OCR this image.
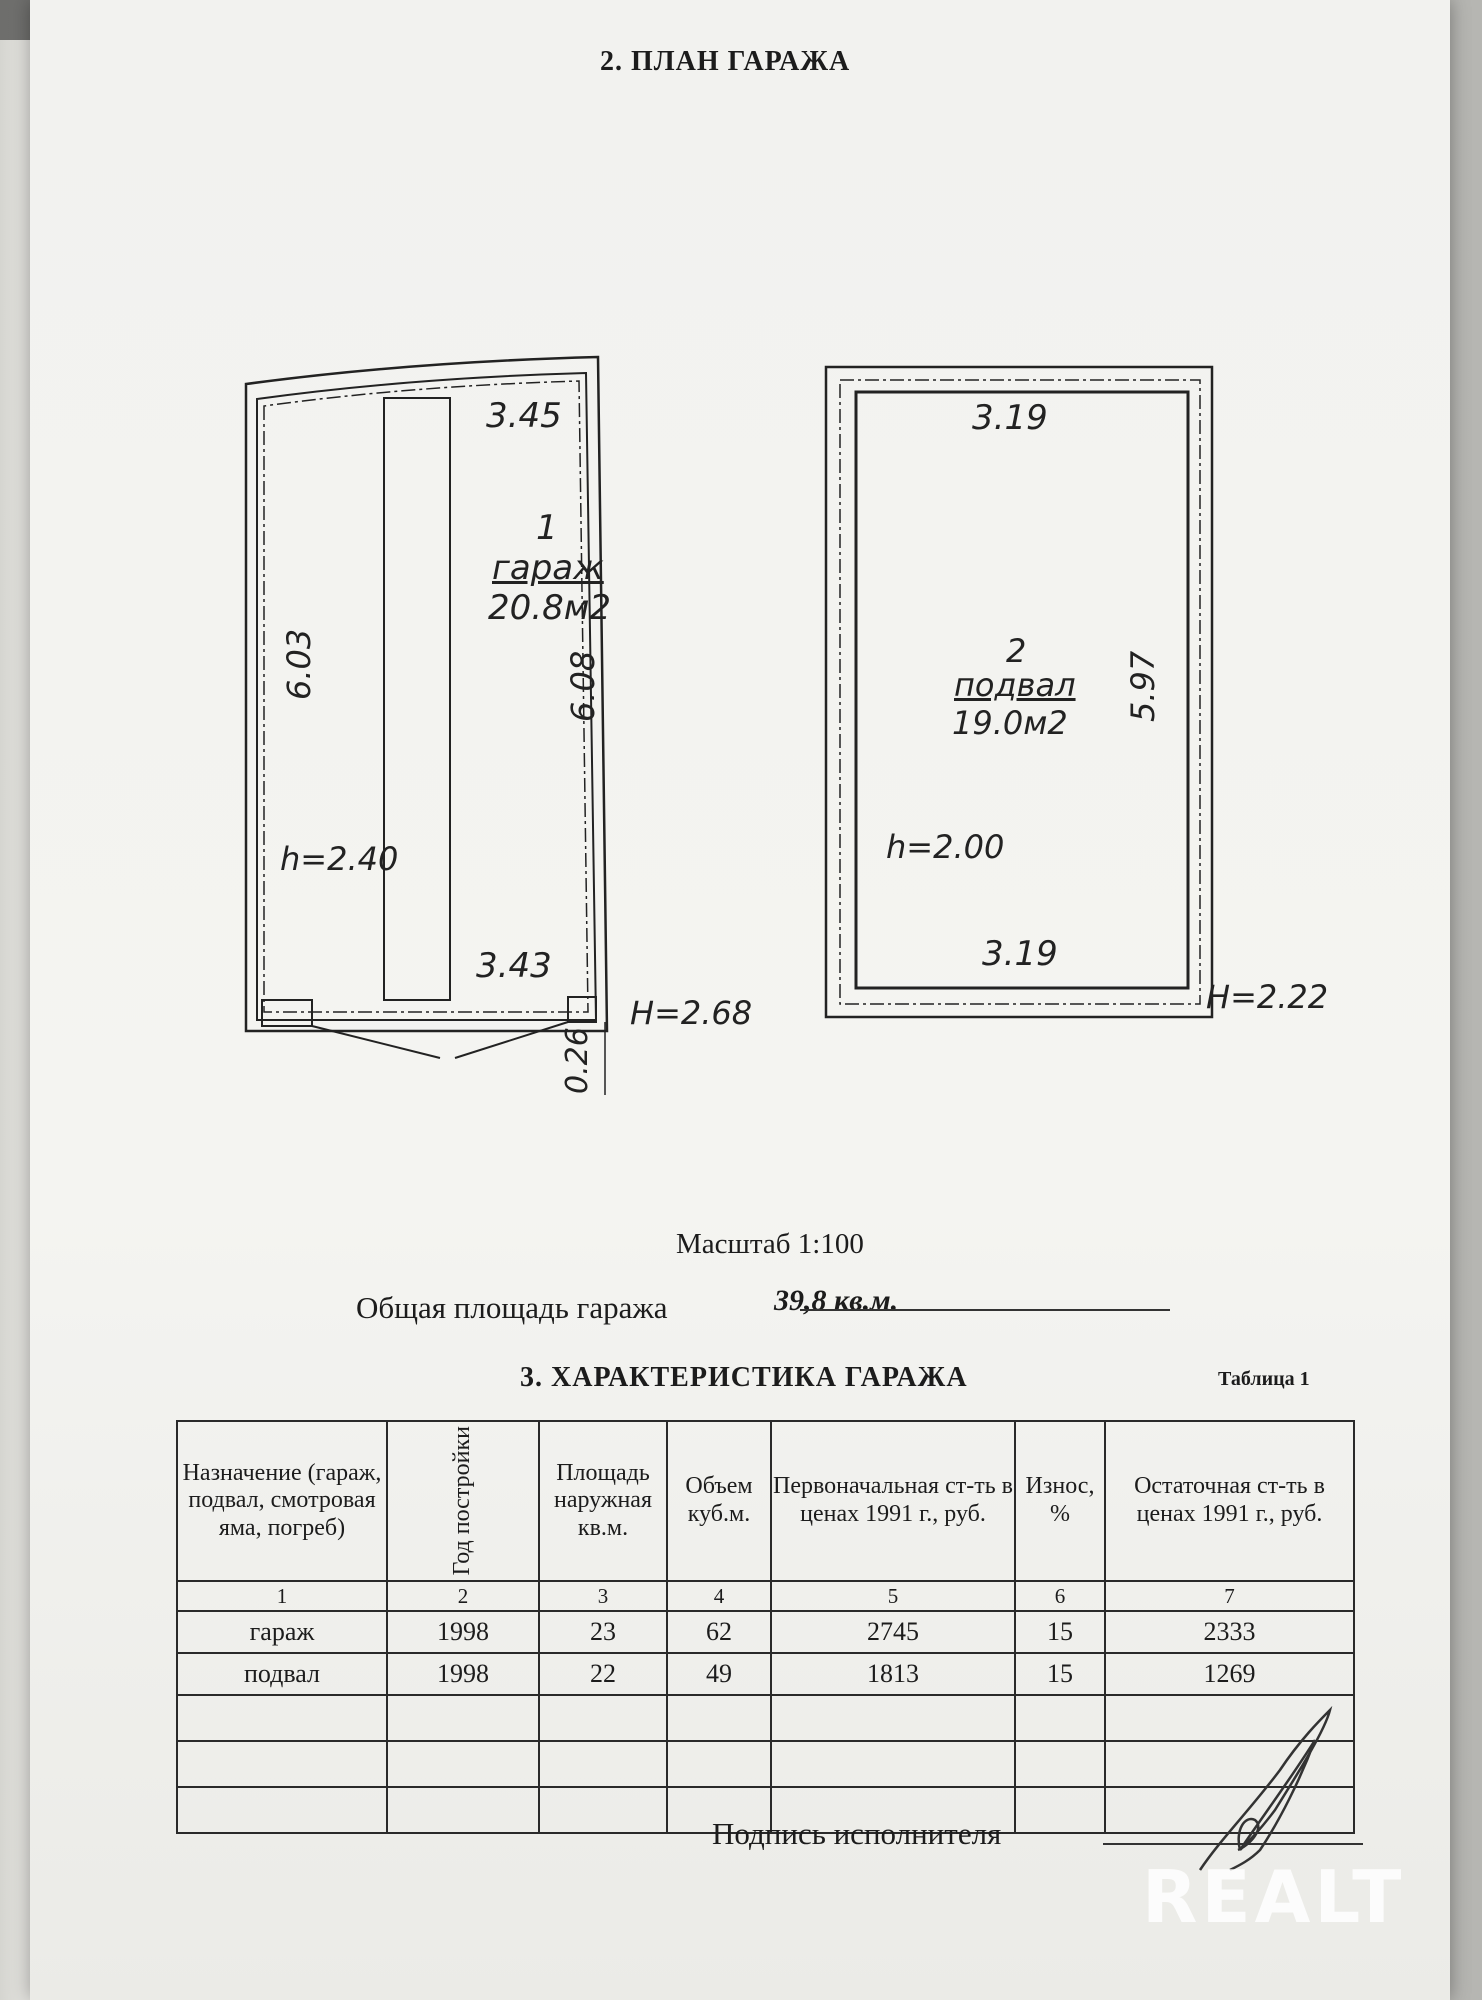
2. ПЛАН ГАРАЖА
3.45
1
гараж
20.8м2
6.03	6.08
h=2.40
3.43
H=2.68
0.26
3.19
2
подвал
19.0м2
5.97
h=2.00
3.19
H=2.22
Масштаб 1:100
Общая площадь гаража	39,8 кв.м.
3. ХАРАКТЕРИСТИКА ГАРАЖА	Таблица 1
Назначение (гараж, подвал, смотровая яма, погреб)	Год постройки	Площадь наружная кв.м.	Объем куб.м.	Первоначальная ст-ть в ценах 1991 г., руб.	Износ, %	Остаточная ст-ть в ценах 1991 г., руб.
1	2	3	4	5	6	7
гараж	1998	23	62	2745	15	2333
подвал	1998	22	49	1813	15	1269

Подпись исполнителя
REALT
